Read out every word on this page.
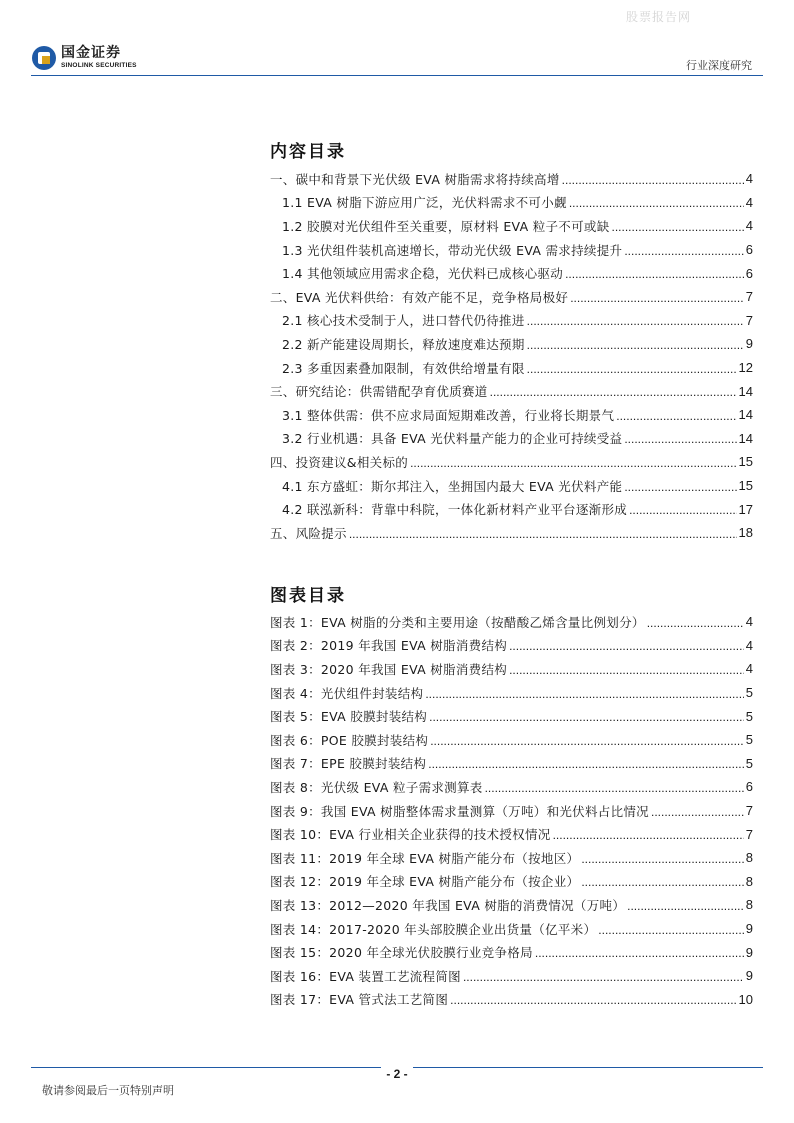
股票报告网
国金证券
SINOLINK SECURITIES	行业深度研究
内容目录
一、碳中和背景下光伏级 EVA 树脂需求将持续高增 .....	4
1.1 EVA 树脂下游应用广泛，光伏料需求不可小觑 .....	4
1.2 胶膜对光伏组件至关重要，原材料 EVA 粒子不可或缺 .....	4
1.3 光伏组件装机高速增长，带动光伏级 EVA 需求持续提升 .....	6
1.4 其他领域应用需求企稳，光伏料已成核心驱动 .....	6
二、EVA 光伏料供给：有效产能不足，竞争格局极好 .....	7
2.1 核心技术受制于人，进口替代仍待推进 .....	7
2.2 新产能建设周期长，释放速度难达预期 .....	9
2.3 多重因素叠加限制，有效供给增量有限 .....	12
三、研究结论：供需错配孕育优质赛道 .....	14
3.1 整体供需：供不应求局面短期难改善，行业将长期景气 .....	14
3.2 行业机遇：具备 EVA 光伏料量产能力的企业可持续受益 .....	14
四、投资建议&相关标的 .....	15
4.1 东方盛虹：斯尔邦注入，坐拥国内最大 EVA 光伏料产能 .....	15
4.2 联泓新科：背靠中科院，一体化新材料产业平台逐渐形成 .....	17
五、风险提示 .....	18
图表目录
图表 1：EVA 树脂的分类和主要用途（按醋酸乙烯含量比例划分） .....	4
图表 2：2019 年我国 EVA 树脂消费结构 .....	4
图表 3：2020 年我国 EVA 树脂消费结构 .....	4
图表 4：光伏组件封装结构 .....	5
图表 5：EVA 胶膜封装结构 .....	5
图表 6：POE 胶膜封装结构 .....	5
图表 7：EPE 胶膜封装结构 .....	5
图表 8：光伏级 EVA 粒子需求测算表 .....	6
图表 9：我国 EVA 树脂整体需求量测算（万吨）和光伏料占比情况 .....	7
图表 10：EVA 行业相关企业获得的技术授权情况 .....	7
图表 11：2019 年全球 EVA 树脂产能分布（按地区） .....	8
图表 12：2019 年全球 EVA 树脂产能分布（按企业） .....	8
图表 13：2012—2020 年我国 EVA 树脂的消费情况（万吨） .....	8
图表 14：2017-2020 年头部胶膜企业出货量（亿平米） .....	9
图表 15：2020 年全球光伏胶膜行业竞争格局 .....	9
图表 16：EVA 装置工艺流程简图 .....	9
图表 17：EVA 管式法工艺简图 .....	10
- 2 -
敬请参阅最后一页特别声明
